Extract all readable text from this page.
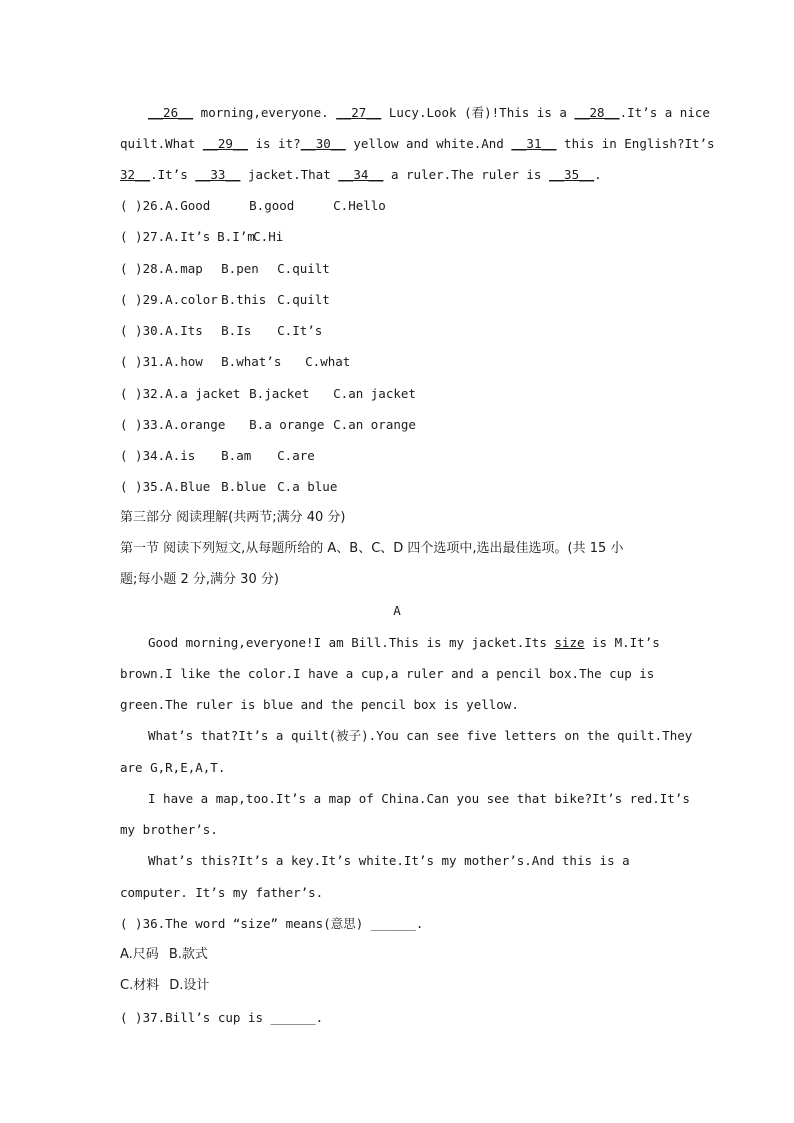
__26__ morning,everyone. __27__ Lucy.Look (看)!This is a __28__.It’s a nice
quilt.What __29__ is it?__30__ yellow and white.And __31__ this in English?It’s
32__.It’s __33__ jacket.That __34__ a ruler.The ruler is __35__.
( )26.A.Good	B.good	C.Hello
( )27.A.It’s B.I’mC.Hi
( )28.A.map B.pen C.quilt
( )29.A.color B.this C.quilt
( )30.A.Its B.Is C.It’s
( )31.A.how B.what’s C.what
( )32.A.a jacket B.jacket C.an jacket
( )33.A.orange B.a orange C.an orange
( )34.A.is B.am C.are
( )35.A.Blue B.blue C.a blue
第三部分 阅读理解(共两节;满分 40 分)
第一节 阅读下列短文,从每题所给的 A、B、C、D 四个选项中,选出最佳选项。(共 15 小
题;每小题 2 分,满分 30 分)
A
Good morning,everyone!I am Bill.This is my jacket.Its size is M.It’s
brown.I like the color.I have a cup,a ruler and a pencil box.The cup is
green.The ruler is blue and the pencil box is yellow.
What’s that?It’s a quilt(被子).You can see five letters on the quilt.They
are G,R,E,A,T.
I have a map,too.It’s a map of China.Can you see that bike?It’s red.It’s
my brother’s.
What’s this?It’s a key.It’s white.It’s my mother’s.And this is a
computer. It’s my father’s.
( )36.The word “size” means(意思) ______.
A.尺码 B.款式
C.材料 D.设计
( )37.Bill’s cup is ______.
